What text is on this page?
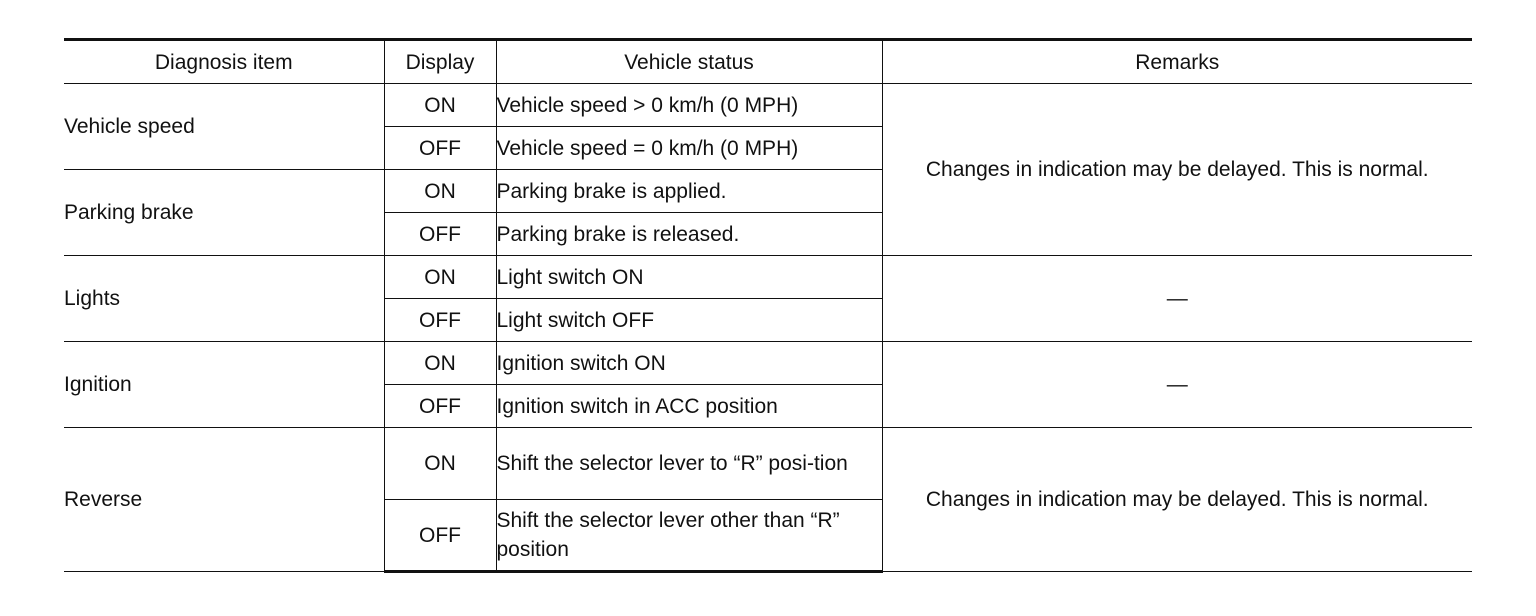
Diagnosis item	Display	Vehicle status	Remarks
Vehicle speed	ON	Vehicle speed > 0 km/h (0 MPH)	Changes in indication may be delayed. This is normal.
	OFF	Vehicle speed = 0 km/h (0 MPH)	
Parking brake	ON	Parking brake is applied.	
	OFF	Parking brake is released.	
Lights	ON	Light switch ON	—
	OFF	Light switch OFF	
Ignition	ON	Ignition switch ON	—
	OFF	Ignition switch in ACC position	
Reverse	ON	Shift the selector lever to “R” posi-tion	Changes in indication may be delayed. This is normal.
	OFF	Shift the selector lever other than “R” position	
